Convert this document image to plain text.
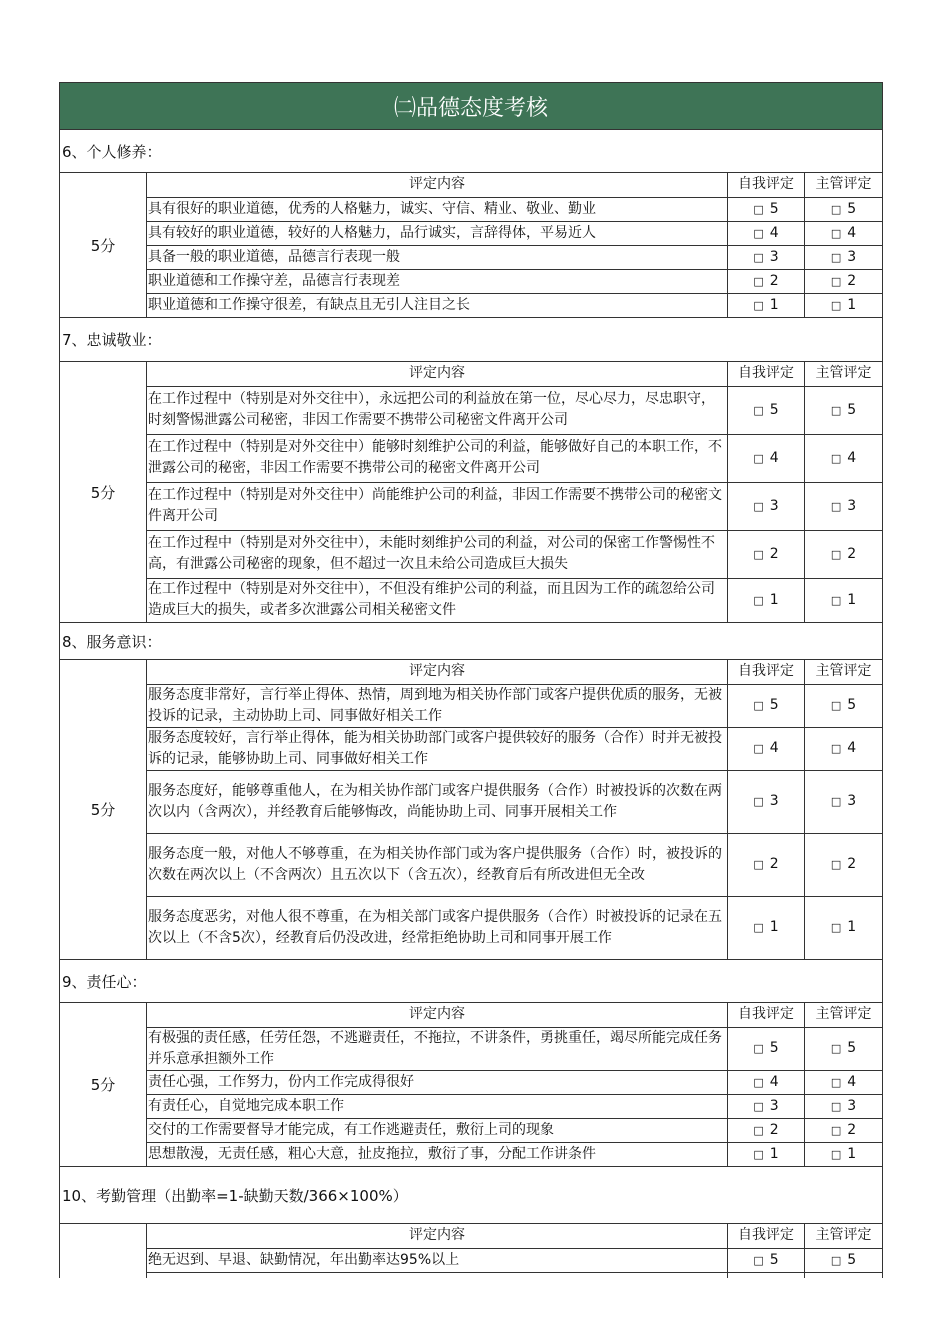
㈡品德态度考核
6、个人修养：
5分
评定内容	自我评定	主管评定
具有很好的职业道德，优秀的人格魅力，诚实、守信、精业、敬业、勤业	□ 5	□ 5
具有较好的职业道德，较好的人格魅力，品行诚实，言辞得体，平易近人	□ 4	□ 4
具备一般的职业道德，品德言行表现一般	□ 3	□ 3
职业道德和工作操守差，品德言行表现差	□ 2	□ 2
职业道德和工作操守很差，有缺点且无引人注目之长	□ 1	□ 1
7、忠诚敬业：
5分
评定内容	自我评定	主管评定
在工作过程中（特别是对外交往中），永远把公司的利益放在第一位，尽心尽力，尽忠职守，时刻警惕泄露公司秘密，非因工作需要不携带公司秘密文件离开公司	□ 5	□ 5
在工作过程中（特别是对外交往中）能够时刻维护公司的利益，能够做好自己的本职工作，不泄露公司的秘密，非因工作需要不携带公司的秘密文件离开公司	□ 4	□ 4
在工作过程中（特别是对外交往中）尚能维护公司的利益，非因工作需要不携带公司的秘密文件离开公司	□ 3	□ 3
在工作过程中（特别是对外交往中），未能时刻维护公司的利益，对公司的保密工作警惕性不高，有泄露公司秘密的现象，但不超过一次且未给公司造成巨大损失	□ 2	□ 2
在工作过程中（特别是对外交往中），不但没有维护公司的利益，而且因为工作的疏忽给公司造成巨大的损失，或者多次泄露公司相关秘密文件	□ 1	□ 1
8、服务意识：
5分
评定内容	自我评定	主管评定
服务态度非常好，言行举止得体、热情，周到地为相关协作部门或客户提供优质的服务，无被投诉的记录，主动协助上司、同事做好相关工作	□ 5	□ 5
服务态度较好，言行举止得体，能为相关协助部门或客户提供较好的服务（合作）时并无被投诉的记录，能够协助上司、同事做好相关工作	□ 4	□ 4
服务态度好，能够尊重他人，在为相关协作部门或客户提供服务（合作）时被投诉的次数在两次以内（含两次），并经教育后能够悔改，尚能协助上司、同事开展相关工作	□ 3	□ 3
服务态度一般，对他人不够尊重，在为相关协作部门或为客户提供服务（合作）时，被投诉的次数在两次以上（不含两次）且五次以下（含五次），经教育后有所改进但无全改	□ 2	□ 2
服务态度恶劣，对他人很不尊重，在为相关部门或客户提供服务（合作）时被投诉的记录在五次以上（不含5次），经教育后仍没改进，经常拒绝协助上司和同事开展工作	□ 1	□ 1
9、责任心：
5分
评定内容	自我评定	主管评定
有极强的责任感，任劳任怨，不逃避责任，不拖拉，不讲条件，勇挑重任，竭尽所能完成任务并乐意承担额外工作	□ 5	□ 5
责任心强，工作努力，份内工作完成得很好	□ 4	□ 4
有责任心，自觉地完成本职工作	□ 3	□ 3
交付的工作需要督导才能完成，有工作逃避责任，敷衍上司的现象	□ 2	□ 2
思想散漫，无责任感，粗心大意，扯皮拖拉，敷衍了事，分配工作讲条件	□ 1	□ 1
10、考勤管理（出勤率=1-缺勤天数/366×100%）
评定内容	自我评定	主管评定
绝无迟到、早退、缺勤情况，年出勤率达95%以上	□ 5	□ 5
